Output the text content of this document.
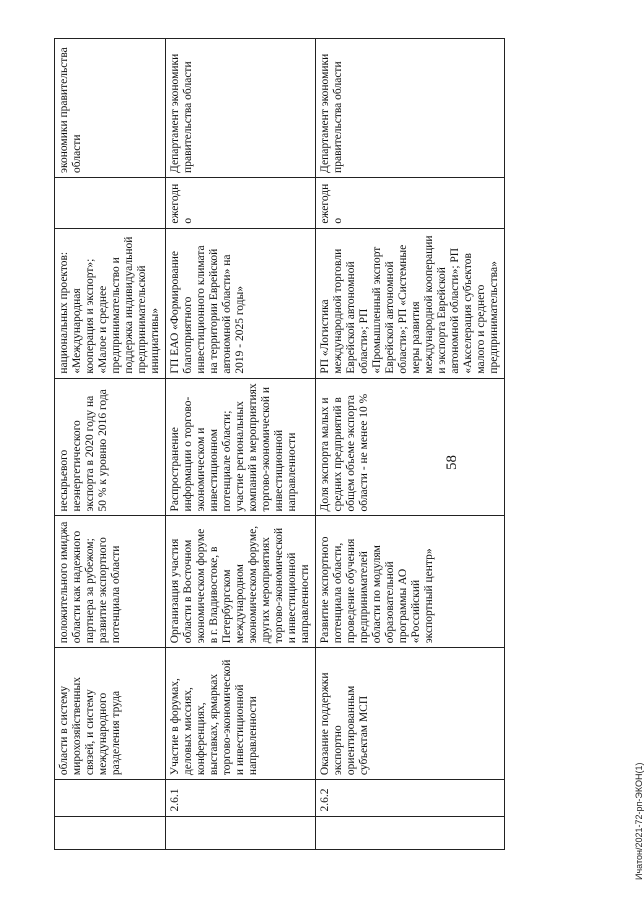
58
		области в систему мирохозяйственных связей, и систему международного разделения труда	положительного имиджа области как надежного партнера за рубежом; развитие экспортного потенциала области	несырьевого неэнергетического экспорта в 2020 году на 50 % к уровню 2016 года	национальных проектов: «Международная кооперация и экспорт»; «Малое и среднее предпринимательство и поддержка индивидуальной предпринимательской инициативы»		экономики правительства области
	2.6.1	Участие в форумах, деловых миссиях, конференциях, выставках, ярмарках торгово-экономической и инвестиционной направленности	Организация участия области в Восточном экономическом форуме в г. Владивостоке, в Петербургском международном экономическом форуме, других мероприятиях торгово-экономической и инвестиционной направленности	Распространение информации о торгово-экономическом и инвестиционном потенциале области; участие региональных компаний в мероприятиях торгово-экономической и инвестиционной направленности	ГП ЕАО «Формирование благоприятного инвестиционного климата на территории Еврейской автономной области» на 2019 - 2025 годы»	ежегодно	Департамент экономики правительства области
	2.6.2	Оказание поддержки экспортно ориентированным субъектам МСП	Развитие экспортного потенциала области, проведение обучения предпринимателей области по модулям образовательной программы АО «Российский экспортный центр»	Доля экспорта малых и средних предприятий в общем объеме экспорта области - не менее 10 %	РП «Логистика международной торговли Еврейской автономной области»; РП «Промышленный экспорт Еврейской автономной области»; РП «Системные меры развития международной кооперации и экспорта Еврейской автономной области»; РП «Акселерация субъектов малого и среднего предпринимательства»	ежегодно	Департамент экономики правительства области
Ичатон/2021-72-рп-ЭКОН(1)
